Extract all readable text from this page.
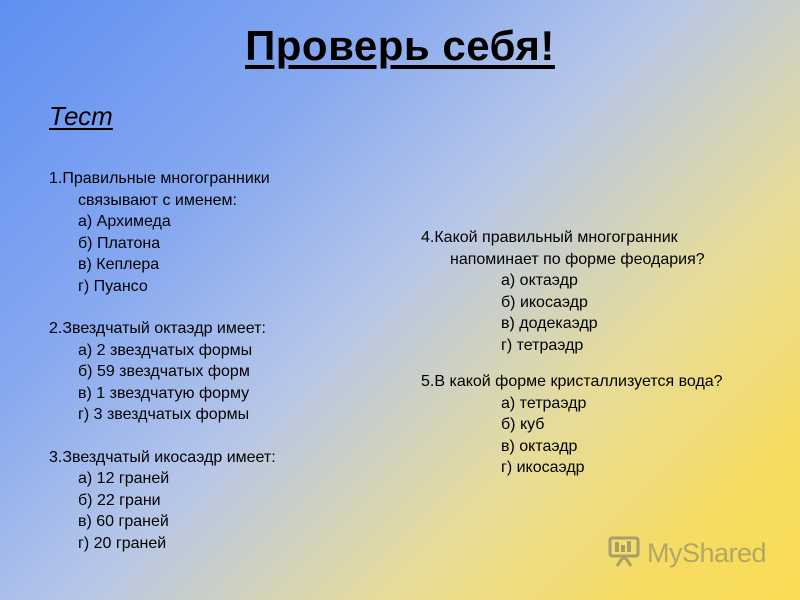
Проверь себя!
Тест
1.Правильные многогранники
связывают с именем:
а) Архимеда
б) Платона
в) Кеплера
г) Пуансо
2.Звездчатый октаэдр имеет:
а) 2 звездчатых формы
б) 59 звездчатых форм
в) 1 звездчатую форму
г) 3 звездчатых формы
3.Звездчатый икосаэдр имеет:
а) 12 граней
б) 22 грани
в) 60 граней
г) 20 граней
4.Какой правильный многогранник
напоминает по форме феодария?
а) октаэдр
б) икосаэдр
в) додекаэдр
г) тетраэдр
5.В какой форме кристаллизуется вода?
а) тетраэдр
б) куб
в) октаэдр
г) икосаэдр
MyShared
